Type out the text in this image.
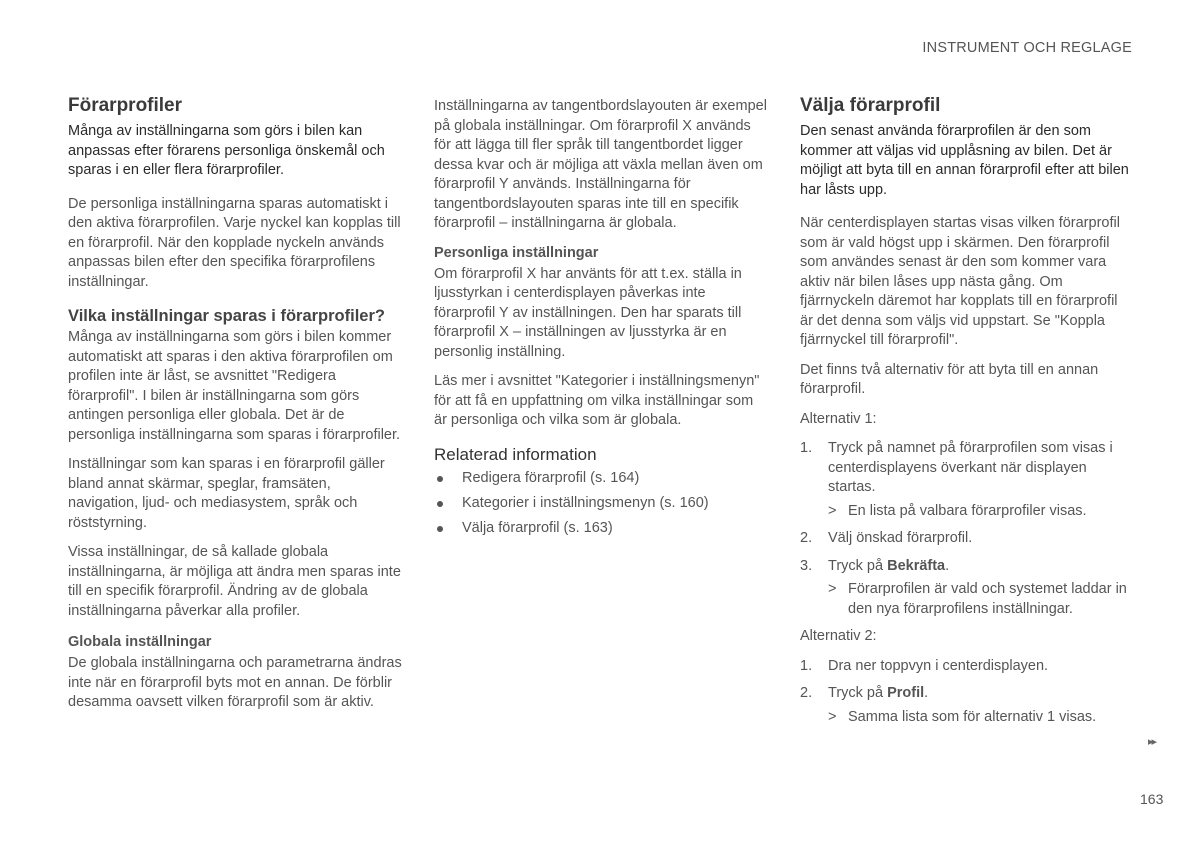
INSTRUMENT OCH REGLAGE
Förarprofiler
Många av inställningarna som görs i bilen kan anpassas efter förarens personliga önskemål och sparas i en eller flera förarprofiler.

De personliga inställningarna sparas automatiskt i den aktiva förarprofilen. Varje nyckel kan kopplas till en förarprofil. När den kopplade nyckeln används anpassas bilen efter den specifika förarprofilens inställningar.

Vilka inställningar sparas i förarprofiler?

Många av inställningarna som görs i bilen kommer automatiskt att sparas i den aktiva förarprofilen om profilen inte är låst, se avsnittet "Redigera förarprofil". I bilen är inställningarna som görs antingen personliga eller globala. Det är de personliga inställningarna som sparas i förarprofiler.

Inställningar som kan sparas i en förarprofil gäller bland annat skärmar, speglar, framsäten, navigation, ljud- och mediasystem, språk och röststyrning.

Vissa inställningar, de så kallade globala inställningarna, är möjliga att ändra men sparas inte till en specifik förarprofil. Ändring av de globala inställningarna påverkar alla profiler.

Globala inställningar

De globala inställningarna och parametrarna ändras inte när en förarprofil byts mot en annan. De förblir desamma oavsett vilken förarprofil som är aktiv.

Inställningarna av tangentbordslayouten är exempel på globala inställningar. Om förarprofil X används för att lägga till fler språk till tangentbordet ligger dessa kvar och är möjliga att växla mellan även om förarprofil Y används. Inställningarna för tangentbordslayouten sparas inte till en specifik förarprofil – inställningarna är globala.

Personliga inställningar

Om förarprofil X har använts för att t.ex. ställa in ljusstyrkan i centerdisplayen påverkas inte förarprofil Y av inställningen. Den har sparats till förarprofil X – inställningen av ljusstyrka är en personlig inställning.

Läs mer i avsnittet "Kategorier i inställningsmenyn" för att få en uppfattning om vilka inställningar som är personliga och vilka som är globala.

Relaterad information
Redigera förarprofil (s. 164)
Kategorier i inställningsmenyn (s. 160)
Välja förarprofil (s. 163)
Välja förarprofil
Den senast använda förarprofilen är den som kommer att väljas vid upplåsning av bilen. Det är möjligt att byta till en annan förarprofil efter att bilen har låsts upp.

När centerdisplayen startas visas vilken förarprofil som är vald högst upp i skärmen. Den förarprofil som användes senast är den som kommer vara aktiv när bilen låses upp nästa gång. Om fjärrnyckeln däremot har kopplats till en förarprofil är det denna som väljs vid uppstart. Se "Koppla fjärrnyckel till förarprofil".

Det finns två alternativ för att byta till en annan förarprofil.

Alternativ 1:

1. Tryck på namnet på förarprofilen som visas i centerdisplayens överkant när displayen startas.
> En lista på valbara förarprofiler visas.
2. Välj önskad förarprofil.
3. Tryck på Bekräfta.
> Förarprofilen är vald och systemet laddar in den nya förarprofilens inställningar.

Alternativ 2:

1. Dra ner toppvyn i centerdisplayen.
2. Tryck på Profil.
> Samma lista som för alternativ 1 visas.
▸▸
163
